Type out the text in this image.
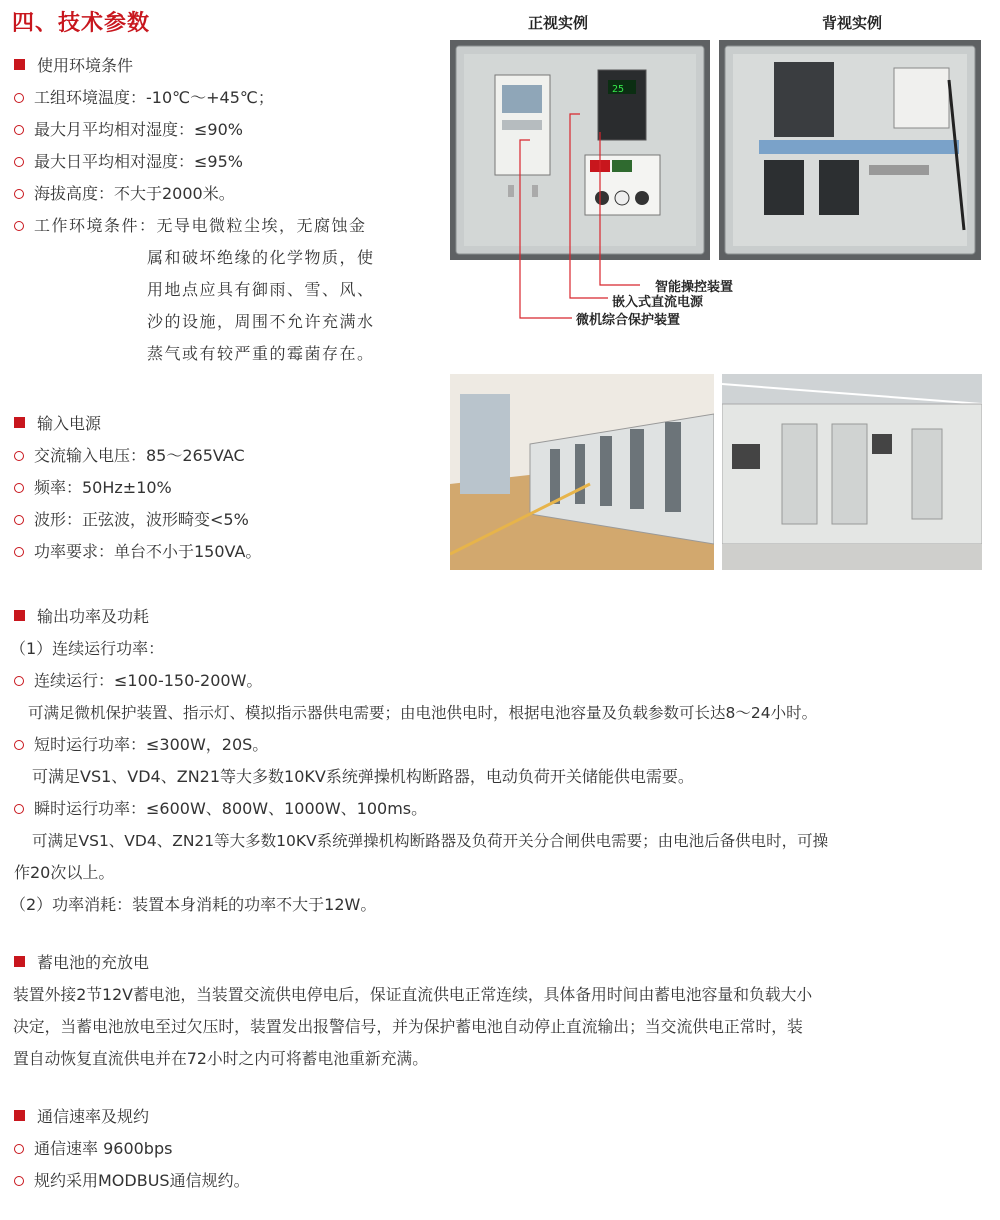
四、技术参数
使用环境条件
工组环境温度：-10℃～+45℃；
最大月平均相对湿度：≤90%
最大日平均相对湿度：≤95%
海拔高度：不大于2000米。
工作环境条件：无导电微粒尘埃，无腐蚀金
属和破坏绝缘的化学物质，使
用地点应具有御雨、雪、风、
沙的设施，周围不允许充满水
蒸气或有较严重的霉菌存在。
输入电源
交流输入电压：85～265VAC
频率：50Hz±10%
波形：正弦波，波形畸变<5%
功率要求：单台不小于150VA。
输出功率及功耗
（1）连续运行功率：
连续运行：≤100-150-200W。
可满足微机保护装置、指示灯、模拟指示器供电需要；由电池供电时，根据电池容量及负载参数可长达8～24小时。
短时运行功率：≤300W，20S。
可满足VS1、VD4、ZN21等大多数10KV系统弹操机构断路器，电动负荷开关储能供电需要。
瞬时运行功率：≤600W、800W、1000W、100ms。
可满足VS1、VD4、ZN21等大多数10KV系统弹操机构断路器及负荷开关分合闸供电需要；由电池后备供电时，可操
作20次以上。
（2）功率消耗：装置本身消耗的功率不大于12W。
蓄电池的充放电
装置外接2节12V蓄电池，当装置交流供电停电后，保证直流供电正常连续，具体备用时间由蓄电池容量和负载大小
决定，当蓄电池放电至过欠压时，装置发出报警信号，并为保护蓄电池自动停止直流输出；当交流供电正常时，装
置自动恢复直流供电并在72小时之内可将蓄电池重新充满。
通信速率及规约
通信速率 9600bps
规约采用MODBUS通信规约。
正视实例	背视实例
25
智能操控装置
嵌入式直流电源
微机综合保护装置
